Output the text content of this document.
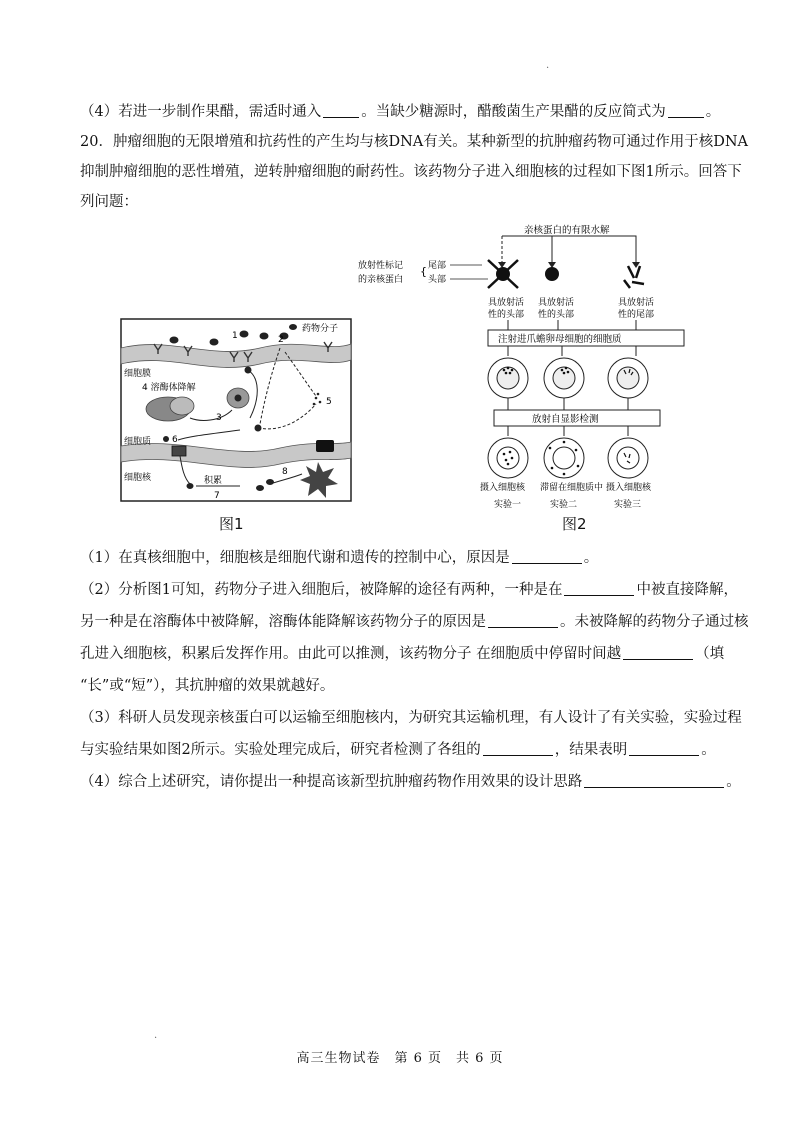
.
（4）若进一步制作果醋，需适时通入	。当缺少糖源时，醋酸菌生产果醋的反应简式为	。
20．肿瘤细胞的无限增殖和抗药性的产生均与核DNA有关。某种新型的抗肿瘤药物可通过作用于核DNA
抑制肿瘤细胞的恶性增殖，逆转肿瘤细胞的耐药性。该药物分子进入细胞核的过程如下图1所示。回答下
列问题：
药物分子
1	2
细胞膜
4 溶酶体降解
5
3
细胞质 6
细胞核	积累
7
8
图1
亲核蛋白的有限水解
放射性标记
的亲核蛋白
{ 尾部
头部
具放射活
性的头部
具放射活
性的头部
具放射活
性的尾部
注射进爪蟾卵母细胞的细胞质
放射自显影检测
摄入细胞核 滞留在细胞质中 摄入细胞核
实验一	实验二	实验三
图2
（1）在真核细胞中，细胞核是细胞代谢和遗传的控制中心，原因是	。
（2）分析图1可知，药物分子进入细胞后，被降解的途径有两种，一种是在	中被直接降解，
另一种是在溶酶体中被降解，溶酶体能降解该药物分子的原因是	。未被降解的药物分子通过核
孔进入细胞核，积累后发挥作用。由此可以推测，该药物分子 在细胞质中停留时间越	（填
“长”或“短”），其抗肿瘤的效果就越好。
（3）科研人员发现亲核蛋白可以运输至细胞核内，为研究其运输机理，有人设计了有关实验，实验过程
与实验结果如图2所示。实验处理完成后，研究者检测了各组的	，结果表明	。
（4）综合上述研究，请你提出一种提高该新型抗肿瘤药物作用效果的设计思路	。
.
高三生物试卷　第 6 页　共 6 页
